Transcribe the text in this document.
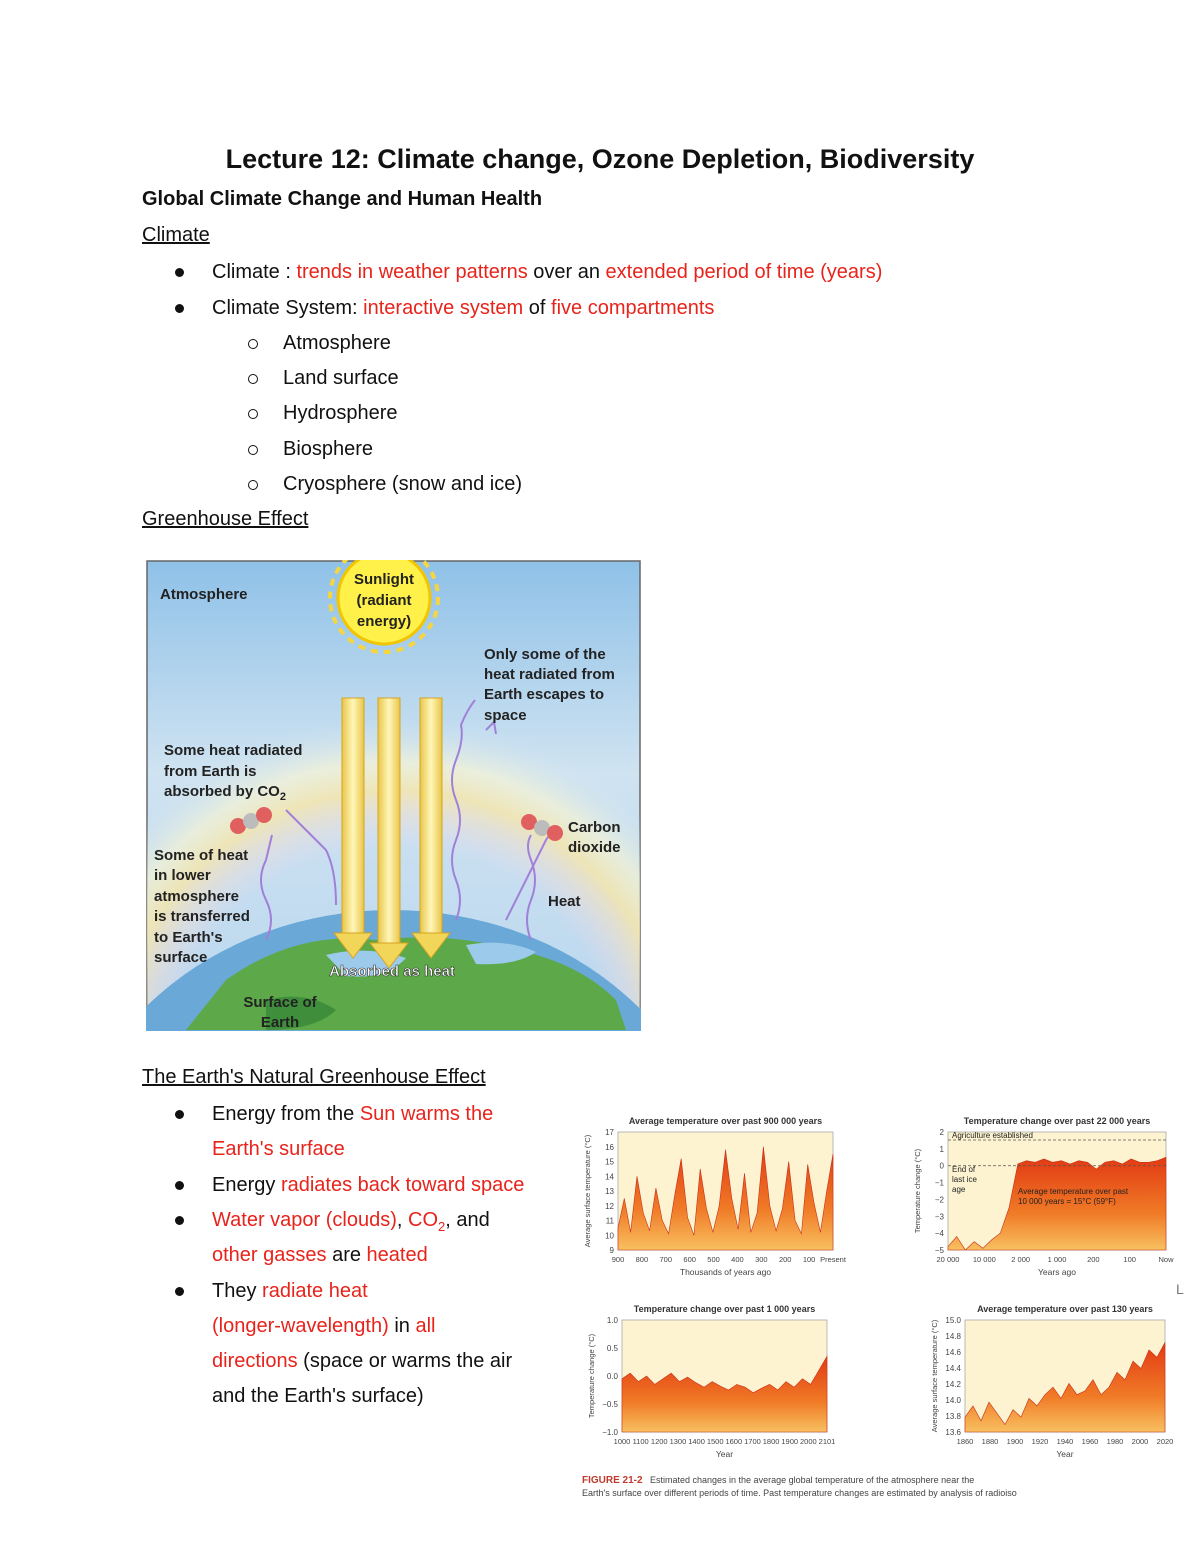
Lecture 12: Climate change, Ozone Depletion, Biodiversity
Global Climate Change and Human Health
Climate
Climate : trends in weather patterns over an extended period of time (years)
Climate System: interactive system of five compartments
Atmosphere
Land surface
Hydrosphere
Biosphere
Cryosphere (snow and ice)
Greenhouse Effect
Atmosphere
Sunlight
(radiant
energy)
Only some of the
heat radiated from
Earth escapes to
space
Some heat radiated
from Earth is
absorbed by $CO_2$
Carbon
dioxide
Some of heat
in lower
atmosphere
is transferred
to Earth's
surface
Heat
Absorbed as heat
Surface of
Earth
The Earth's Natural Greenhouse Effect
Energy from the Sun warms the
Earth's surface
Energy radiates back toward space
Water vapor (clouds), $CO_2$, and
other gasses are heated
They radiate heat
(longer-wavelength) in all
directions (space or warms the air
and the Earth's surface)
Average temperature over past 900 000 years
17
16
15
14
13
12
11
10
9
900 800 700 600 500 400 300 200 100 Present
Thousands of years ago
Average surface temperature (°C)
Temperature change over past 22 000 years
2
1
0
−1
−2
−3
−4
−5
20 000 10 000 2 000 1 000	200	100	Now
Years ago
Temperature change (°C)
Agriculture established
End of
last ice
age	Average temperature over past
10 000 years = 15°C (59°F)
Temperature change over past 1 000 years
1.0
0.5
0.0
−0.5
−1.0
1000 1100 1200 1300 1400 1500 1600 1700 1800 1900 2000 2101
Year
Temperature change (°C)
Average temperature over past 130 years
15.0
14.8
14.6
14.4
14.2
14.0
13.8
13.6
1860 1880 1900 1920 1940 1960 1980 2000 2020
Year
Average surface temperature (°C)
FIGURE 21-2 Estimated changes in the average global temperature of the atmosphere near the
Earth's surface over different periods of time. Past temperature changes are estimated by analysis of radioiso
L
